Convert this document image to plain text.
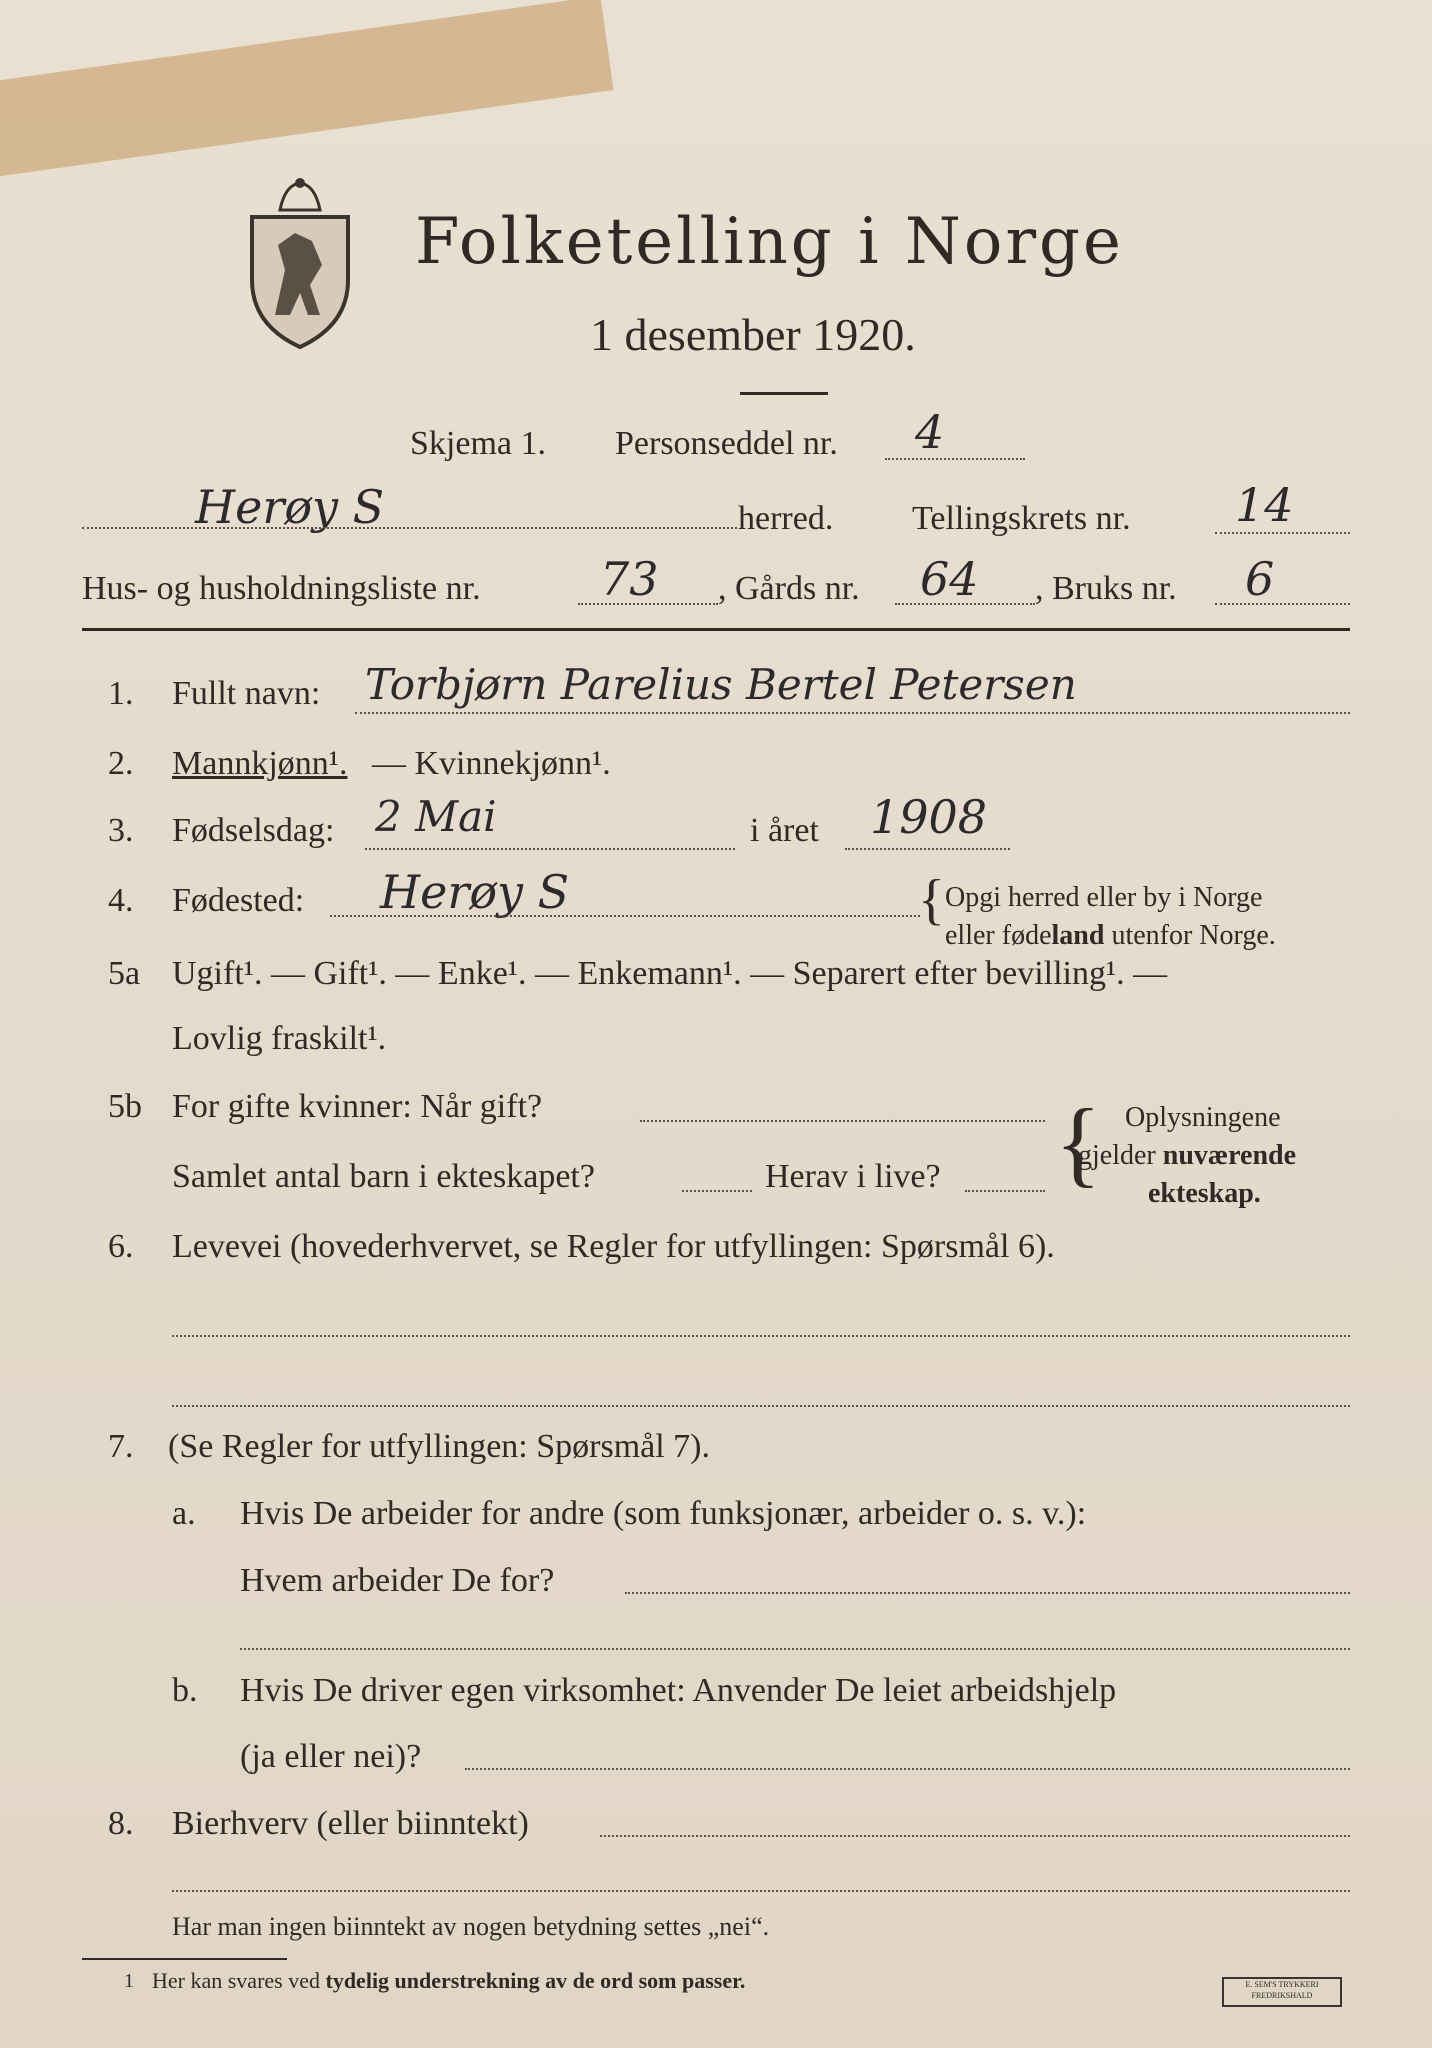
Folketelling i Norge
1 desember 1920.
Skjema 1. Personseddel nr. 4
Herøy S	herred. Tellingskrets nr. 14
Hus- og husholdningsliste nr.	73 , Gårds nr. 64 , Bruks nr. 6
1. Fullt navn: Torbjørn Parelius Bertel Petersen
2. Mannkjønn¹. — Kvinnekjønn¹.
3. Fødselsdag: 2 Mai	i året 1908
4. Fødested: Herøy S	{ Opgi herred eller by i Norge
eller fødeland utenfor Norge.
5a Ugift¹. — Gift¹. — Enke¹. — Enkemann¹. — Separert efter bevilling¹. —
Lovlig fraskilt¹.
5b For gifte kvinner: Når gift?
Samlet antal barn i ekteskapet?	Herav i live? { Oplysningene
gjelder nuværende
ekteskap.
6. Levevei (hovederhvervet, se Regler for utfyllingen: Spørsmål 6).
7. (Se Regler for utfyllingen: Spørsmål 7).
a. Hvis De arbeider for andre (som funksjonær, arbeider o. s. v.):
Hvem arbeider De for?
b. Hvis De driver egen virksomhet: Anvender De leiet arbeidshjelp
(ja eller nei)?
8. Bierhverv (eller biinntekt)
Har man ingen biinntekt av nogen betydning settes „nei“.
1 Her kan svares ved tydelig understrekning av de ord som passer.	E. SEM'S TRYKKERI FREDRIKSHALD
